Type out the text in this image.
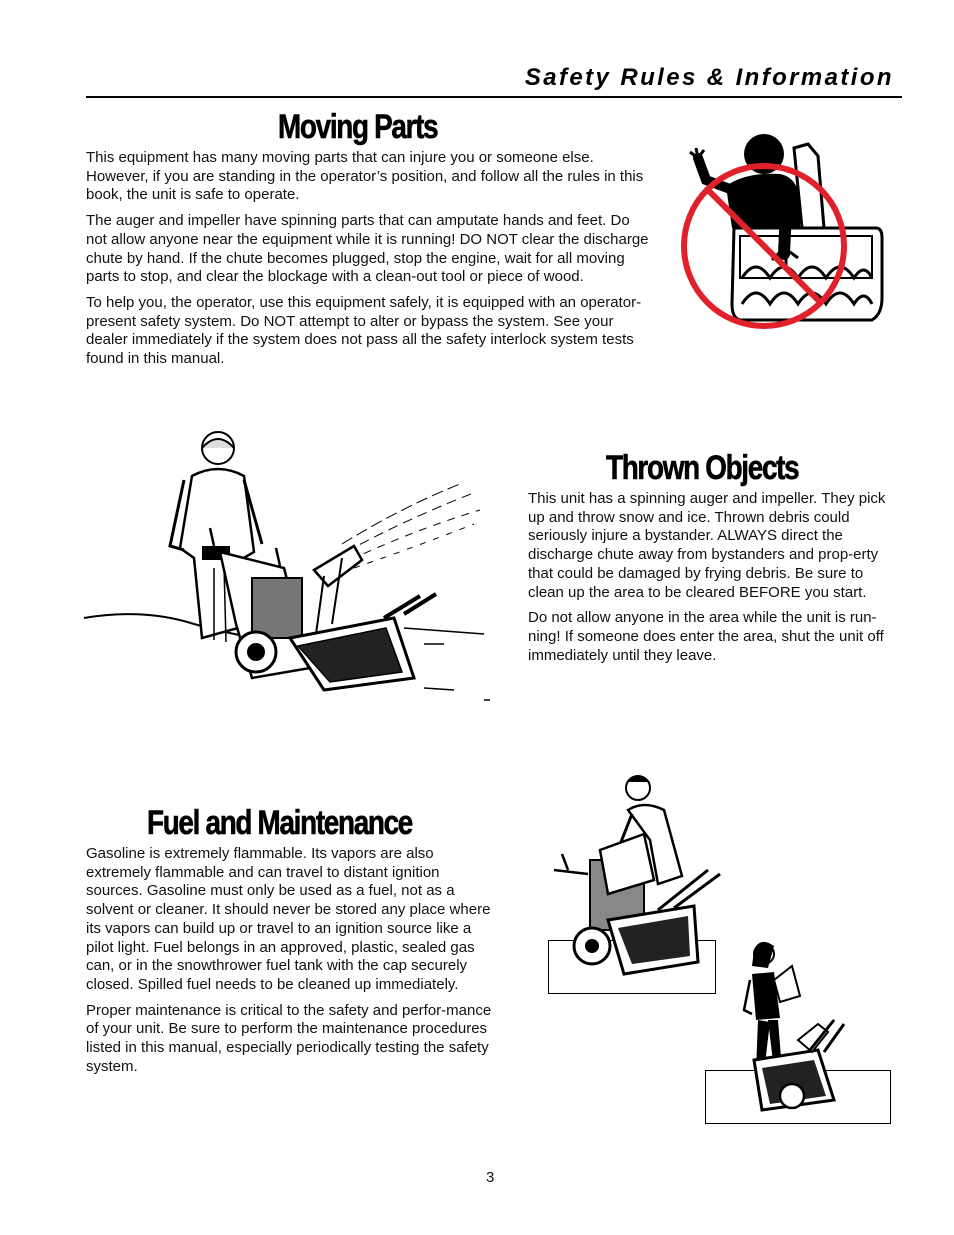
Safety Rules & Information
Moving Parts

This equipment has many moving parts that can injure you or someone else. However, if you are standing in the operator’s position, and follow all the rules in this book, the unit is safe to operate.

The auger and impeller have spinning parts that can amputate hands and feet. Do not allow anyone near the equipment while it is running! DO NOT clear the discharge chute by hand. If the chute becomes plugged, stop the engine, wait for all moving parts to stop, and clear the blockage with a clean-out tool or piece of wood.

To help you, the operator, use this equipment safely, it is equipped with an operator-present safety system. Do NOT attempt to alter or bypass the system. See your dealer immediately if the system does not pass all the safety interlock system tests found in this manual.

Thrown Objects

This unit has a spinning auger and impeller. They pick up and throw snow and ice. Thrown debris could seriously injure a bystander. ALWAYS direct the discharge chute away from bystanders and prop-erty that could be damaged by frying debris. Be sure to clean up the area to be cleared BEFORE you start.

Do not allow anyone in the area while the unit is run-ning! If someone does enter the area, shut the unit off immediately until they leave.

Fuel and Maintenance

Gasoline is extremely flammable. Its vapors are also extremely flammable and can travel to distant ignition sources. Gasoline must only be used as a fuel, not as a solvent or cleaner. It should never be stored any place where its vapors can build up or travel to an ignition source like a pilot light. Fuel belongs in an approved, plastic, sealed gas can, or in the snowthrower fuel tank with the cap securely closed. Spilled fuel needs to be cleaned up immediately.

Proper maintenance is critical to the safety and perfor-mance of your unit. Be sure to perform the maintenance procedures listed in this manual, especially periodically testing the safety system.

3
